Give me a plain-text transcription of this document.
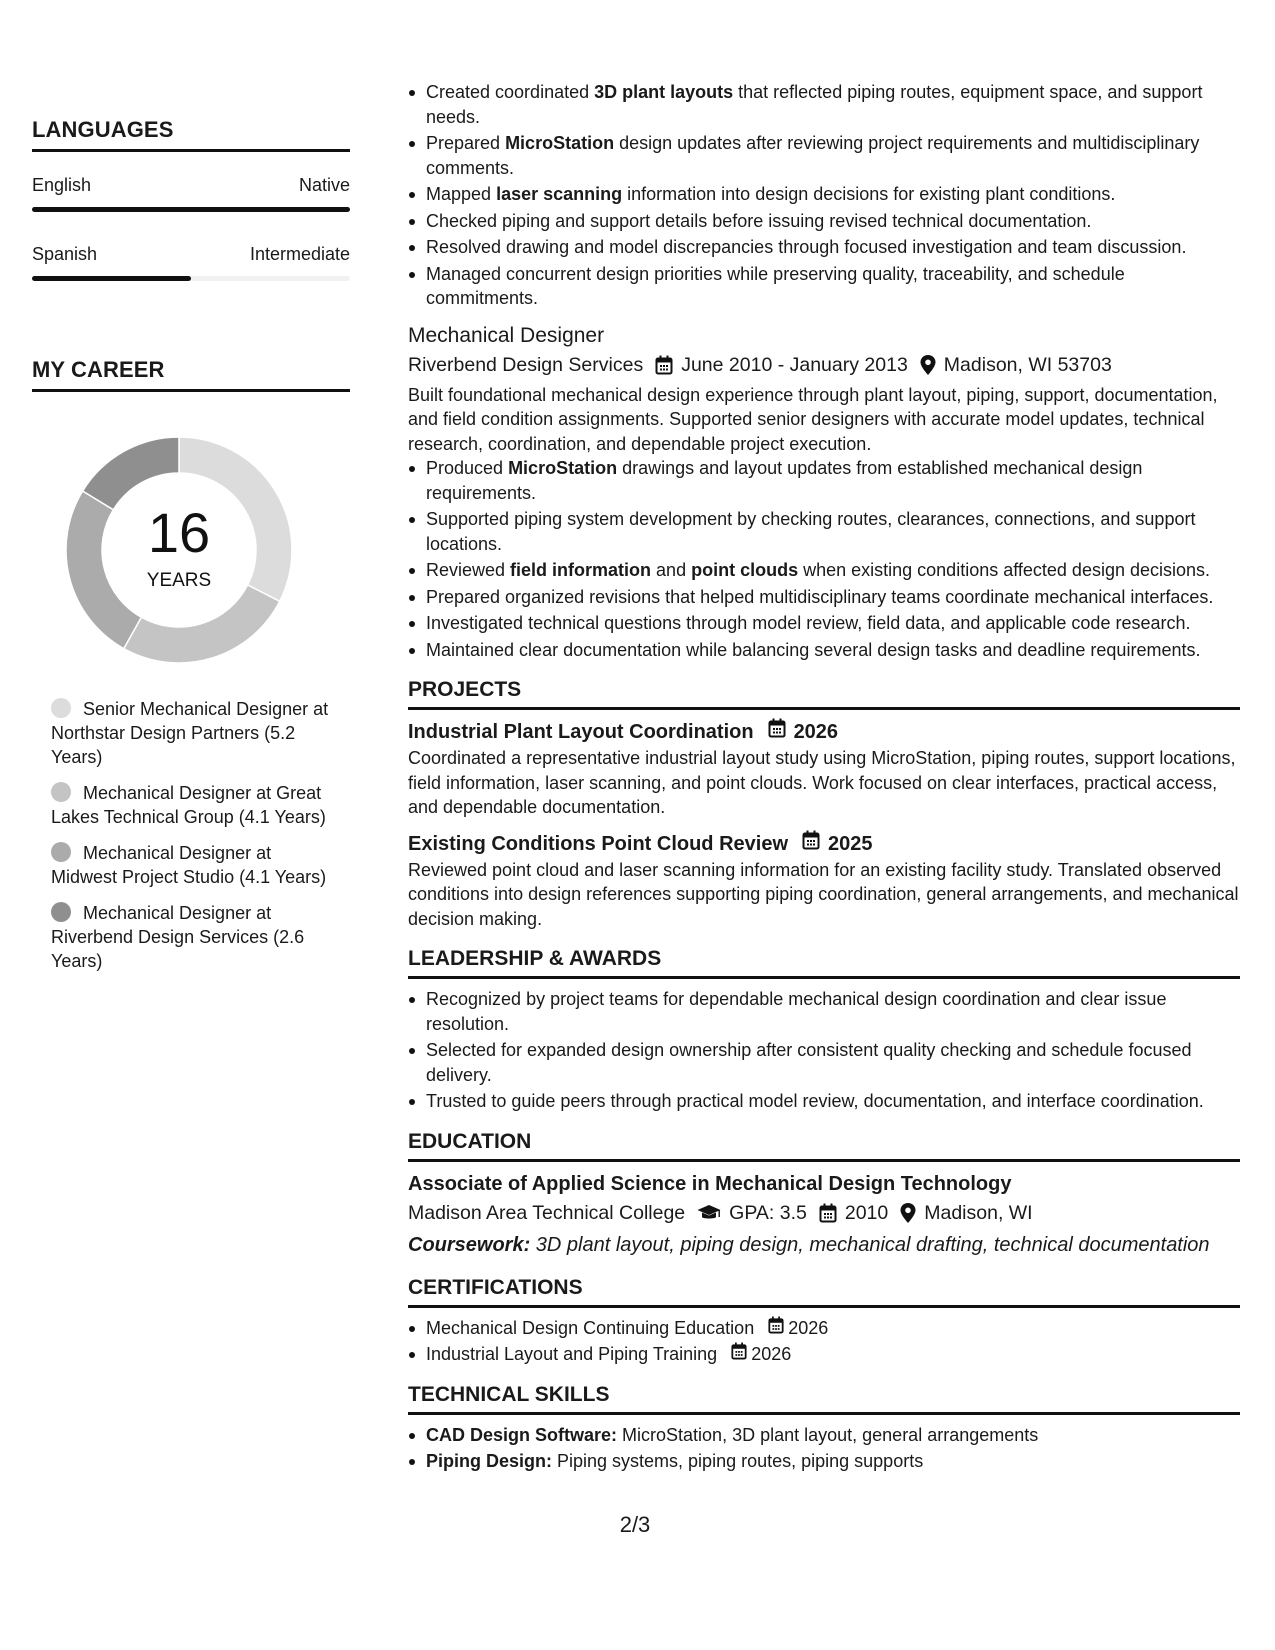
LANGUAGES
English	Native
Spanish	Intermediate
MY CAREER
16
YEARS
Senior Mechanical Designer at Northstar Design Partners (5.2 Years)
Mechanical Designer at Great Lakes Technical Group (4.1 Years)
Mechanical Designer at Midwest Project Studio (4.1 Years)
Mechanical Designer at Riverbend Design Services (2.6 Years)
Created coordinated 3D plant layouts that reflected piping routes, equipment space, and support needs.
Prepared MicroStation design updates after reviewing project requirements and multidisciplinary comments.
Mapped laser scanning information into design decisions for existing plant conditions.
Checked piping and support details before issuing revised technical documentation.
Resolved drawing and model discrepancies through focused investigation and team discussion.
Managed concurrent design priorities while preserving quality, traceability, and schedule commitments.
Mechanical Designer
Riverbend Design Services June 2010 - January 2013 Madison, WI 53703
Built foundational mechanical design experience through plant layout, piping, support, documentation, and field condition assignments. Supported senior designers with accurate model updates, technical research, coordination, and dependable project execution.
Produced MicroStation drawings and layout updates from established mechanical design requirements.
Supported piping system development by checking routes, clearances, connections, and support locations.
Reviewed field information and point clouds when existing conditions affected design decisions.
Prepared organized revisions that helped multidisciplinary teams coordinate mechanical interfaces.
Investigated technical questions through model review, field data, and applicable code research.
Maintained clear documentation while balancing several design tasks and deadline requirements.
PROJECTS
Industrial Plant Layout Coordination 2026
Coordinated a representative industrial layout study using MicroStation, piping routes, support locations, field information, laser scanning, and point clouds. Work focused on clear interfaces, practical access, and dependable documentation.
Existing Conditions Point Cloud Review 2025
Reviewed point cloud and laser scanning information for an existing facility study. Translated observed conditions into design references supporting piping coordination, general arrangements, and mechanical decision making.
LEADERSHIP & AWARDS
Recognized by project teams for dependable mechanical design coordination and clear issue resolution.
Selected for expanded design ownership after consistent quality checking and schedule focused delivery.
Trusted to guide peers through practical model review, documentation, and interface coordination.
EDUCATION
Associate of Applied Science in Mechanical Design Technology
Madison Area Technical College GPA: 3.5 2010 Madison, WI
Coursework: 3D plant layout, piping design, mechanical drafting, technical documentation
CERTIFICATIONS
Mechanical Design Continuing Education 2026
Industrial Layout and Piping Training 2026
TECHNICAL SKILLS
CAD Design Software: MicroStation, 3D plant layout, general arrangements
Piping Design: Piping systems, piping routes, piping supports
2/3
